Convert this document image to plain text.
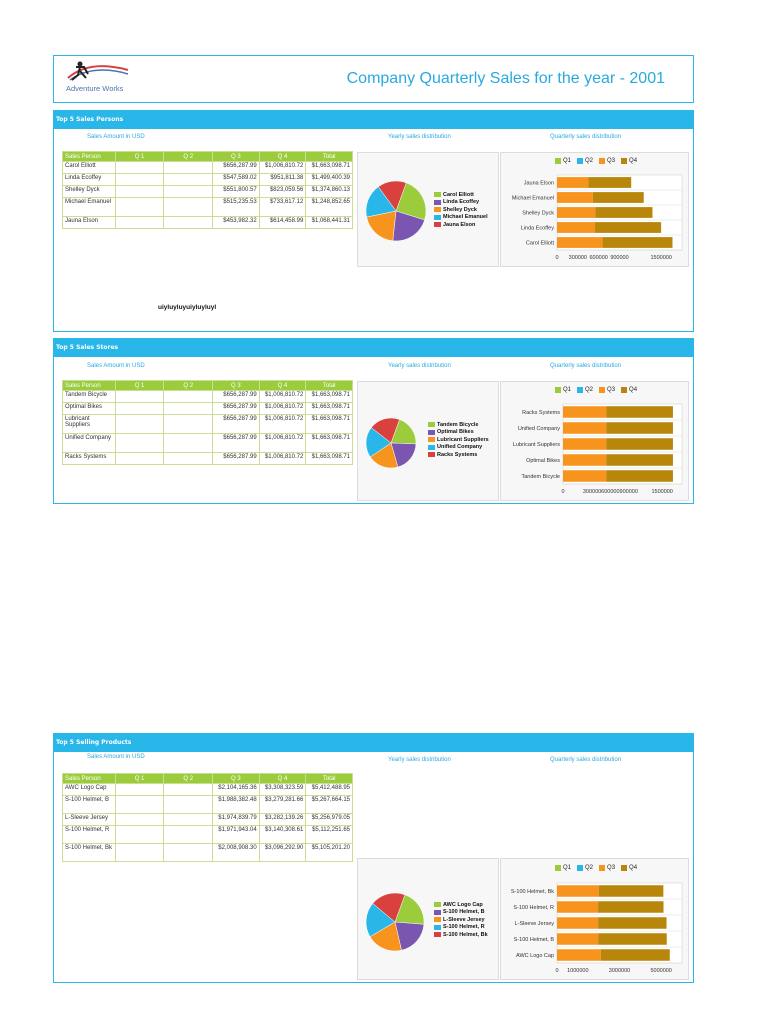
Adventure Works
Company Quarterly Sales for the year - 2001
Top 5 Sales Persons
Sales Amount in USD	Yearly sales distribution	Quarterly sales distribution
Sales Person	Q 1	Q 2	Q 3	Q 4	Total
Carol Elliott			$656,287.99	$1,006,810.72	$1,663,098.71
Linda Ecoffey			$547,589.02	$951,811.38	$1,499,400.39
Shelley Dyck			$551,800.57	$823,059.56	$1,374,860.13
Michael Emanuel			$515,235.53	$733,617.12	$1,248,852.65
Jauna Elson			$453,982.32	$614,458.99	$1,068,441.31
uiyluyluyuiyluyluyl
Carol Elliott
Linda Ecoffey
Shelley Dyck
Michael Emanuel
Jauna Elson
Q1 Q2 Q3 Q4
Jauna Elson
Michael Emanuel
Shelley Dyck
Linda Ecoffey
Carol Elliott
0 300000 600000 900000	1500000
Top 5 Sales Stores
Sales Amount in USD	Yearly sales distribution	Quarterly sales distribution
Sales Person	Q 1	Q 2	Q 3	Q 4	Total
Tandem Bicycle			$656,287.99	$1,006,810.72	$1,663,098.71
Optimal Bikes			$656,287.99	$1,006,810.72	$1,663,098.71
Lubricant Suppliers			$656,287.99	$1,006,810.72	$1,663,098.71
Unified Company			$656,287.99	$1,006,810.72	$1,663,098.71
Racks Systems			$656,287.99	$1,006,810.72	$1,663,098.71
Tandem Bicycle
Optimal Bikes
Lubricant Suppliers
Unified Company
Racks Systems
Q1 Q2 Q3 Q4
Racks Systems
Unified Company
Lubricant Suppliers
Optimal Bikes
Tandem Bicycle
0	300000600000900000 1500000
Top 5 Selling Products
Sales Amount in USD	Yearly sales distribution	Quarterly sales distribution
Sales Person	Q 1	Q 2	Q 3	Q 4	Total
AWC Logo Cap			$2,104,165.36	$3,308,323.59	$5,412,488.95
S-100 Helmet, B			$1,988,382.48	$3,279,281.66	$5,267,664.15
L-Sleeve Jersey			$1,974,839.79	$3,282,139.26	$5,256,979.05
S-100 Helmet, R			$1,971,943.04	$3,140,308.61	$5,112,251.65
S-100 Helmet, Bk			$2,008,908.30	$3,096,292.90	$5,105,201.20
AWC Logo Cap
S-100 Helmet, B
L-Sleeve Jersey
S-100 Helmet, R
S-100 Helmet, Bk
Q1 Q2 Q3 Q4
S-100 Helmet, Bk
S-100 Helmet, R
L-Sleeve Jersey
S-100 Helmet, B
AWC Logo Cap
0 1000000	3000000	5000000
